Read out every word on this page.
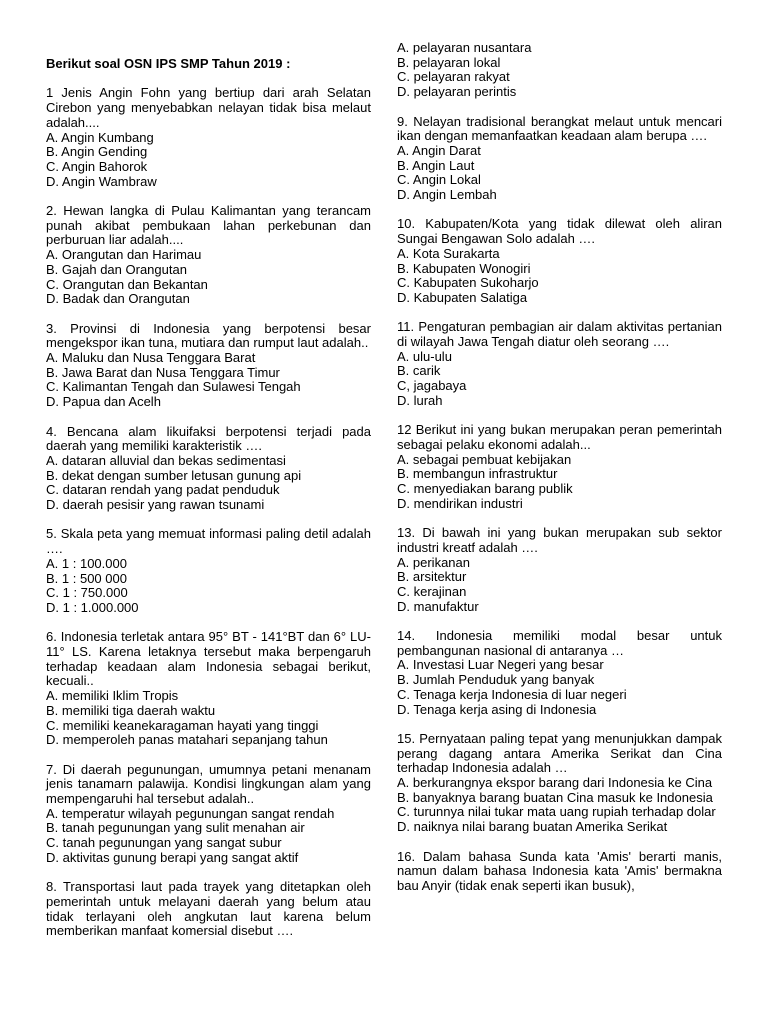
Berikut soal OSN IPS SMP Tahun 2019 :
1 Jenis Angin Fohn yang bertiup dari arah Selatan Cirebon yang menyebabkan nelayan tidak bisa melaut adalah....
A. Angin Kumbang
B. Angin Gending
C. Angin Bahorok
D. Angin Wambraw
2. Hewan langka di Pulau Kalimantan yang terancam punah akibat pembukaan lahan perkebunan dan perburuan liar adalah....
A. Orangutan dan Harimau
B. Gajah dan Orangutan
C. Orangutan dan Bekantan
D. Badak dan Orangutan
3. Provinsi di Indonesia yang berpotensi besar mengekspor ikan tuna, mutiara dan rumput laut adalah..
A. Maluku dan Nusa Tenggara Barat
B. Jawa Barat dan Nusa Tenggara Timur
C. Kalimantan Tengah dan Sulawesi Tengah
D. Papua dan Acelh
4. Bencana alam likuifaksi berpotensi terjadi pada daerah yang memiliki karakteristik ….
A. dataran alluvial dan bekas sedimentasi
B. dekat dengan sumber letusan gunung api
C. dataran rendah yang padat penduduk
D. daerah pesisir yang rawan tsunami
5. Skala peta yang memuat informasi paling detil adalah ….
A. 1 : 100.000
B. 1 : 500 000
C. 1 : 750.000
D. 1 : 1.000.000
6. Indonesia terletak antara 95° BT - 141°BT dan 6° LU-11° LS. Karena letaknya tersebut maka berpengaruh terhadap keadaan alam Indonesia sebagai berikut, kecuali..
A. memiliki Iklim Tropis
B. memiliki tiga daerah waktu
C. memiliki keanekaragaman hayati yang tinggi
D. memperoleh panas matahari sepanjang tahun
7. Di daerah pegunungan, umumnya petani menanam jenis tanamarn palawija. Kondisi lingkungan alam yang mempengaruhi hal tersebut adalah..
A. temperatur wilayah pegunungan sangat rendah
B. tanah pegunungan yang sulit menahan air
C. tanah pegunungan yang sangat subur
D. aktivitas gunung berapi yang sangat aktif
8. Transportasi laut pada trayek yang ditetapkan oleh pemerintah untuk melayani daerah yang belum atau tidak terlayani oleh angkutan laut karena belum memberikan manfaat komersial disebut ….
A. pelayaran nusantara
B. pelayaran lokal
C. pelayaran rakyat
D. pelayaran perintis
9. Nelayan tradisional berangkat melaut untuk mencari ikan dengan memanfaatkan keadaan alam berupa ….
A. Angin Darat
B. Angin Laut
C. Angin Lokal
D. Angin Lembah
10. Kabupaten/Kota yang tidak dilewat oleh aliran Sungai Bengawan Solo adalah ….
A. Kota Surakarta
B. Kabupaten Wonogiri
C. Kabupaten Sukoharjo
D. Kabupaten Salatiga
11. Pengaturan pembagian air dalam aktivitas pertanian di wilayah Jawa Tengah diatur oleh seorang ….
A. ulu-ulu
B. carik
C, jagabaya
D. lurah
12 Berikut ini yang bukan merupakan peran pemerintah sebagai pelaku ekonomi adalah...
A. sebagai pembuat kebijakan
B. membangun infrastruktur
C. menyediakan barang publik
D. mendirikan industri
13. Di bawah ini yang bukan merupakan sub sektor industri kreatf adalah ….
A. perikanan
B. arsitektur
C. kerajinan
D. manufaktur
14. Indonesia memiliki modal besar untuk pembangunan nasional di antaranya …
A. Investasi Luar Negeri yang besar
B. Jumlah Penduduk yang banyak
C. Tenaga kerja Indonesia di luar negeri
D. Tenaga kerja asing di Indonesia
15. Pernyataan paling tepat yang menunjukkan dampak perang dagang antara Amerika Serikat dan Cina terhadap Indonesia adalah …
A. berkurangnya ekspor barang dari Indonesia ke Cina
B. banyaknya barang buatan Cina masuk ke Indonesia
C. turunnya nilai tukar mata uang rupiah terhadap dolar
D. naiknya nilai barang buatan Amerika Serikat
16. Dalam bahasa Sunda kata 'Amis' berarti manis, namun dalam bahasa Indonesia kata 'Amis' bermakna bau Anyir (tidak enak seperti ikan busuk),
